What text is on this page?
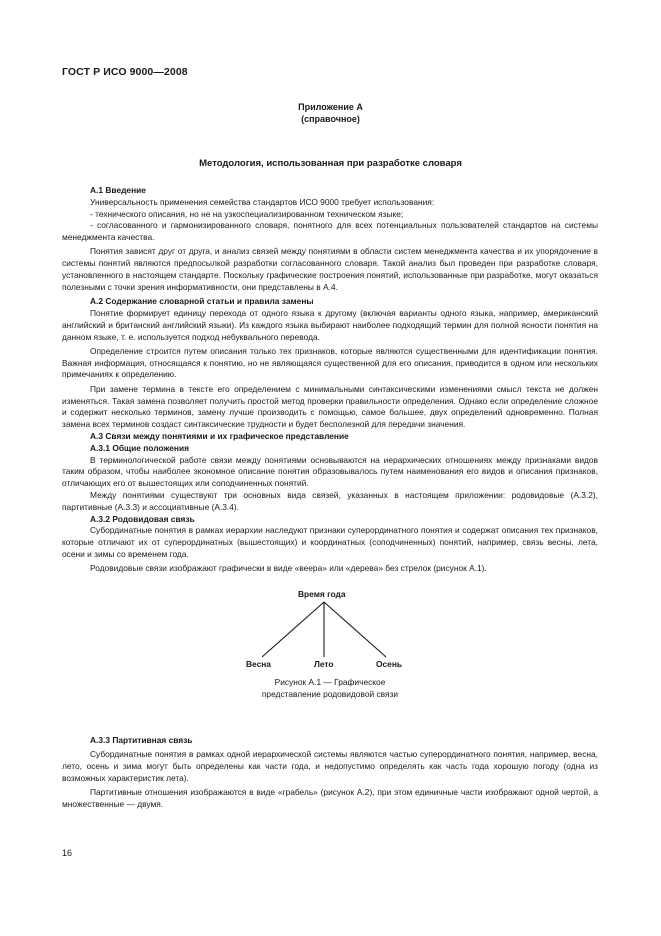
ГОСТ Р ИСО 9000—2008
Приложение А
(справочное)
Методология, использованная при разработке словаря

А.1 Введение

Универсальность применения семейства стандартов ИСО 9000 требует использования:

- технического описания, но не на узкоспециализированном техническом языке;

- согласованного и гармонизированного словаря, понятного для всех потенциальных пользователей стандартов на системы менеджмента качества.

Понятия зависят друг от друга, и анализ связей между понятиями в области систем менеджмента качества и их упорядочение в системы понятий являются предпосылкой разработки согласованного словаря. Такой анализ был проведен при разработке словаря, установленного в настоящем стандарте. Поскольку графические построения понятий, использованные при разработке, могут оказаться полезными с точки зрения информативности, они представлены в А.4.

А.2 Содержание словарной статьи и правила замены

Понятие формирует единицу перехода от одного языка к другому (включая варианты одного языка, например, американский английский и британский английский языки). Из каждого языка выбирают наиболее подходящий термин для полной ясности понятия на данном языке, т. е. используется подход небуквального перевода.

Определение строится путем описания только тех признаков, которые являются существенными для идентификации понятия. Важная информация, относящаяся к понятию, но не являющаяся существенной для его описания, приводится в одном или нескольких примечаниях к определению.

При замене термина в тексте его определением с минимальными синтаксическими изменениями смысл текста не должен изменяться. Такая замена позволяет получить простой метод проверки правильности определения. Однако если определение сложное и содержит несколько терминов, замену лучше производить с помощью, самое большее, двух определений одновременно. Полная замена всех терминов создаст синтаксические трудности и будет бесполезной для передачи значения.

А.3 Связи между понятиями и их графическое представление

А.3.1 Общие положения

В терминологической работе связи между понятиями основываются на иерархических отношениях между признаками видов таким образом, чтобы наиболее экономное описание понятия образовывалось путем наименования его видов и описания признаков, отличающих его от вышестоящих или соподчиненных понятий.

Между понятиями существуют три основных вида связей, указанных в настоящем приложении: родовидовые (А.3.2), партитивные (А.3.3) и ассоциативные (А.3.4).

А.3.2 Родовидовая связь

Субординатные понятия в рамках иерархии наследуют признаки суперординатного понятия и содержат описания тех признаков, которые отличают их от суперординатных (вышестоящих) и координатных (соподчиненных) понятий, например, связь весны, лета, осени и зимы со временем года.

Родовидовые связи изображают графически в виде «веера» или «дерева» без стрелок (рисунок А.1).

Время года
Весна	Лето	Осень
Рисунок А.1 — Графическое представление родовидовой связи

А.3.3 Партитивная связь

Субординатные понятия в рамках одной иерархической системы являются частью суперординатного понятия, например, весна, лето, осень и зима могут быть определены как части года, и недопустимо определять как часть года хорошую погоду (одна из возможных характеристик лета).

Партитивные отношения изображаются в виде «грабель» (рисунок А.2), при этом единичные части изображают одной чертой, а множественные — двумя.

16
